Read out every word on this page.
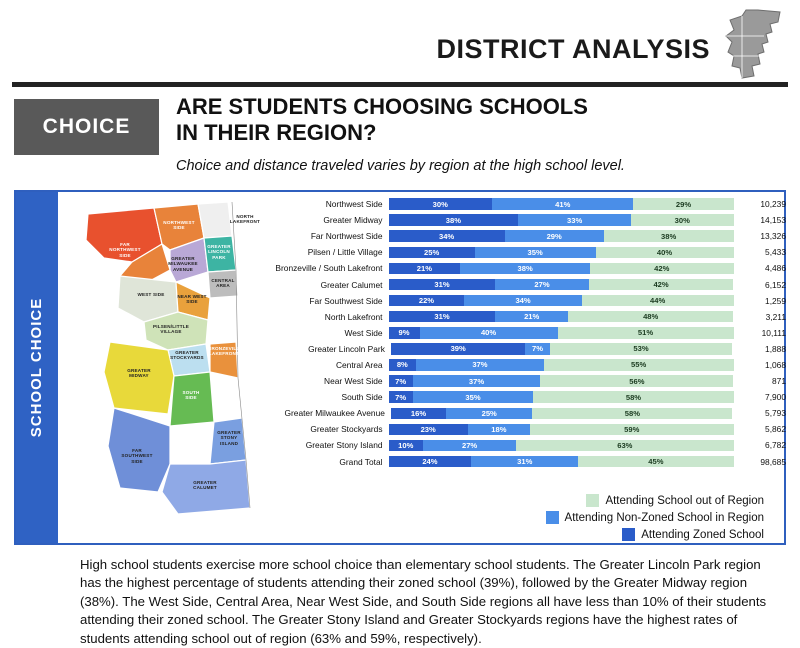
DISTRICT ANALYSIS
CHOICE
ARE STUDENTS CHOOSING SCHOOLS
IN THEIR REGION?
Choice and distance traveled varies by region at the high school level.
SCHOOL CHOICE
NORTH LAKEFRONT
NORTHWEST SIDE
FAR NORTHWEST SIDE
GREATER MILWAUKEE AVENUE
GREATER LINCOLN PARK
CENTRAL AREA
WEST SIDE	NEAR WEST SIDE
PILSEN/LITTLE VILLAGE
GREATER STOCKYARDS
BRONZEVILLE/SOUTH LAKEFRONT
GREATER MIDWAY
SOUTH SIDE
GREATER STONY ISLAND
FAR SOUTHWEST SIDE
GREATER CALUMET
Northwest Side	30%	41%	29%	10,239
Greater Midway	38%	33%	30%	14,153
Far Northwest Side	34%	29%	38%	13,326
Pilsen / Little Village	25%	35%	40%	5,433
Bronzeville / South Lakefront	21%	38%	42%	4,486
Greater Calumet	31%	27%	42%	6,152
Far Southwest Side	22%	34%	44%	1,259
North Lakefront	31%	21%	48%	3,211
West Side	9%	40%	51%	10,111
Greater Lincoln Park	39%	7%	53%	1,888
Central Area	8%	37%	55%	1,068
Near West Side	7%	37%	56%	871
South Side	7%	35%	58%	7,900
Greater Milwaukee Avenue	16%	25%	58%	5,793
Greater Stockyards	23%	18%	59%	5,862
Greater Stony Island	10%	27%	63%	6,782
Grand Total	24%	31%	45%	98,685
Attending School out of Region
Attending Non-Zoned School in Region
Attending Zoned School
High school students exercise more school choice than elementary school students. The Greater Lincoln Park region has the highest percentage of students attending their zoned school (39%), followed by the Greater Midway region (38%). The West Side, Central Area, Near West Side, and South Side regions all have less than 10% of their students attending their zoned school. The Greater Stony Island and Greater Stockyards regions have the highest rates of students attending school out of region (63% and 59%, respectively).
